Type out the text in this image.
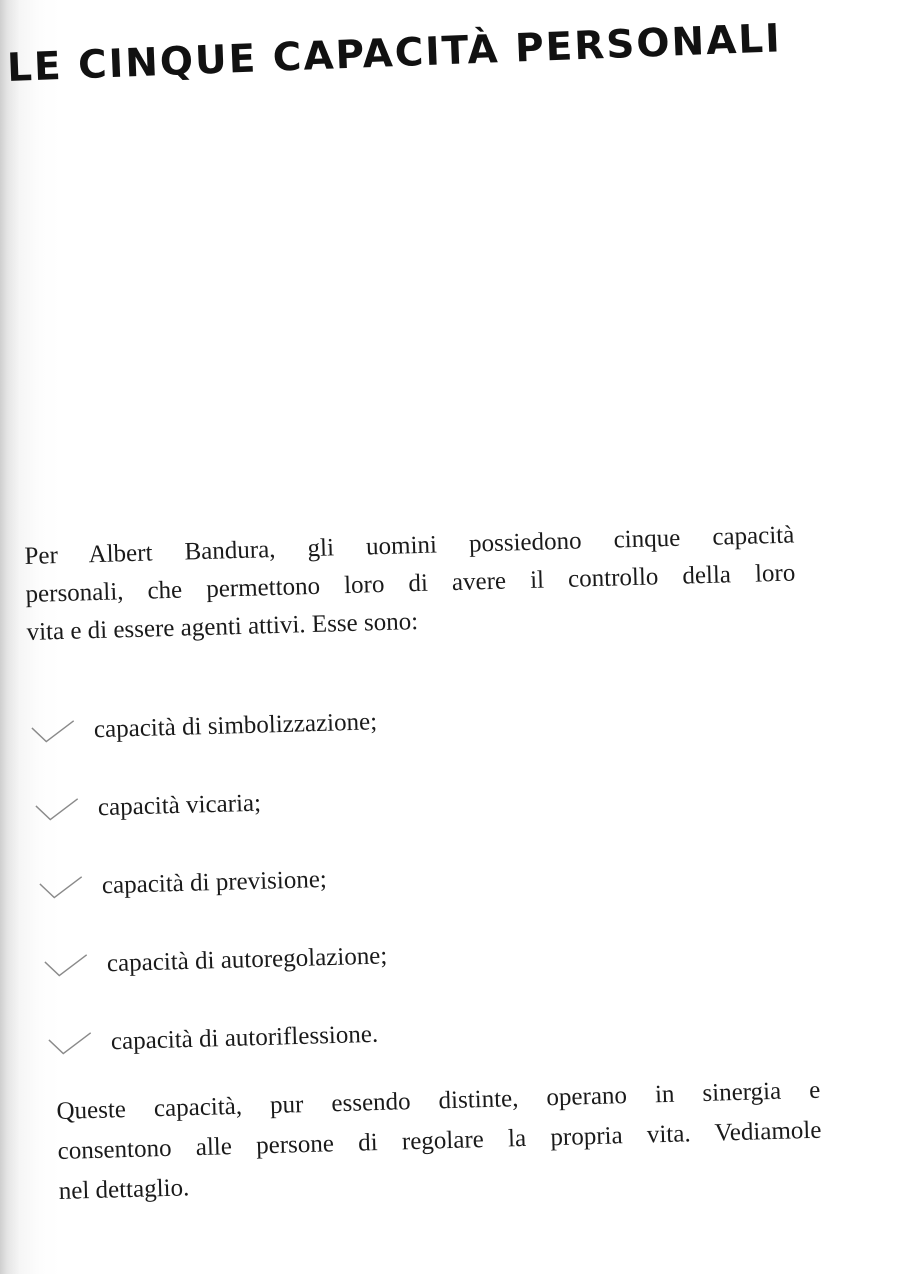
LE CINQUE CAPACITÀ PERSONALI

Per Albert Bandura, gli uomini possiedono cinque capacità
personali, che permettono loro di avere il controllo della loro
vita e di essere agenti attivi. Esse sono:

capacità di simbolizzazione;
capacità vicaria;
capacità di previsione;
capacità di autoregolazione;
capacità di autoriflessione.

Queste capacità, pur essendo distinte, operano in sinergia e
consentono alle persone di regolare la propria vita. Vediamole
nel dettaglio.
